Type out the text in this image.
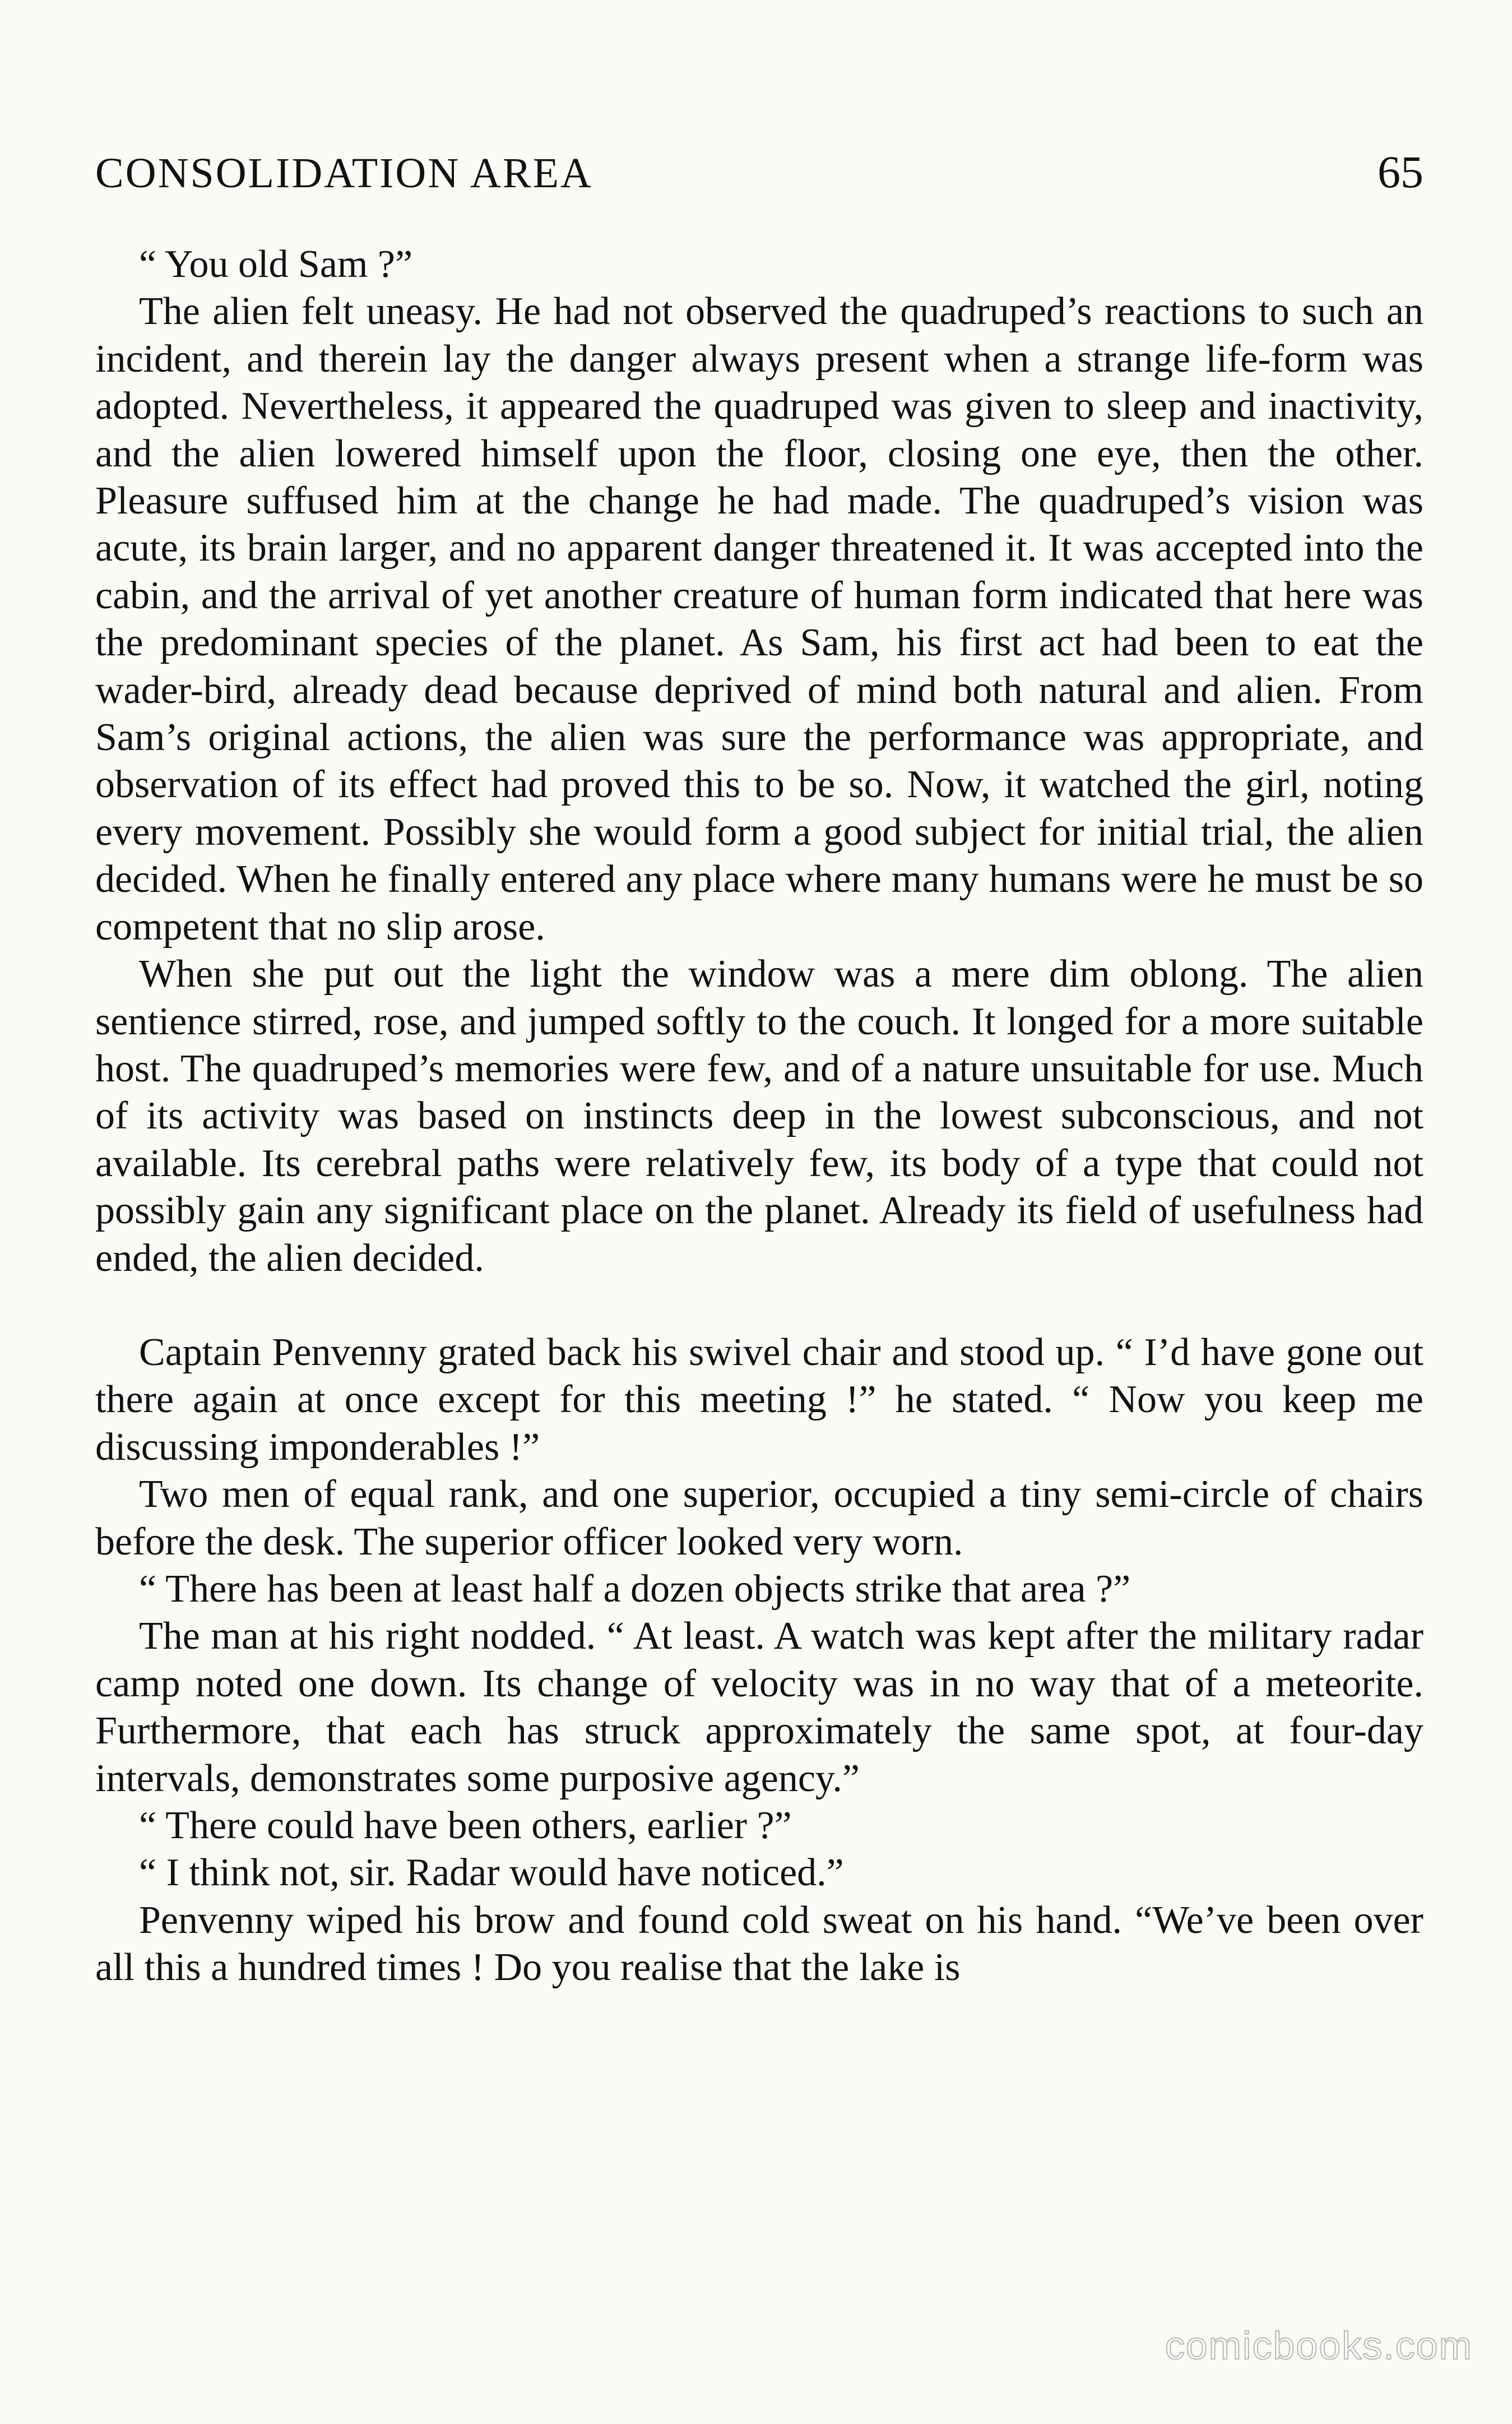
CONSOLIDATION AREA	65

“ You old Sam ?”

The alien felt uneasy. He had not observed the quadruped’s reactions to such an incident, and therein lay the danger always present when a strange life-form was adopted. Nevertheless, it appeared the quadruped was given to sleep and inactivity, and the alien lowered himself upon the floor, closing one eye, then the other. Pleasure suffused him at the change he had made. The quadruped’s vision was acute, its brain larger, and no apparent danger threatened it. It was accepted into the cabin, and the arrival of yet another creature of human form indicated that here was the predominant species of the planet. As Sam, his first act had been to eat the wader-bird, already dead because deprived of mind both natural and alien. From Sam’s original actions, the alien was sure the performance was appropriate, and observation of its effect had proved this to be so. Now, it watched the girl, noting every movement. Possibly she would form a good subject for initial trial, the alien decided. When he finally entered any place where many humans were he must be so competent that no slip arose.

When she put out the light the window was a mere dim oblong. The alien sentience stirred, rose, and jumped softly to the couch. It longed for a more suitable host. The quadruped’s memories were few, and of a nature unsuitable for use. Much of its activity was based on instincts deep in the lowest subconscious, and not available. Its cerebral paths were relatively few, its body of a type that could not possibly gain any significant place on the planet. Already its field of usefulness had ended, the alien decided.

Captain Penvenny grated back his swivel chair and stood up. “ I’d have gone out there again at once except for this meeting !” he stated. “ Now you keep me discussing imponderables !”

Two men of equal rank, and one superior, occupied a tiny semi-circle of chairs before the desk. The superior officer looked very worn.

“ There has been at least half a dozen objects strike that area ?”

The man at his right nodded. “ At least. A watch was kept after the military radar camp noted one down. Its change of velocity was in no way that of a meteorite. Furthermore, that each has struck approximately the same spot, at four-day intervals, demonstrates some purposive agency.”

“ There could have been others, earlier ?”

“ I think not, sir. Radar would have noticed.”

Penvenny wiped his brow and found cold sweat on his hand. “We’ve been over all this a hundred times ! Do you realise that the lake is

comicbooks.com
